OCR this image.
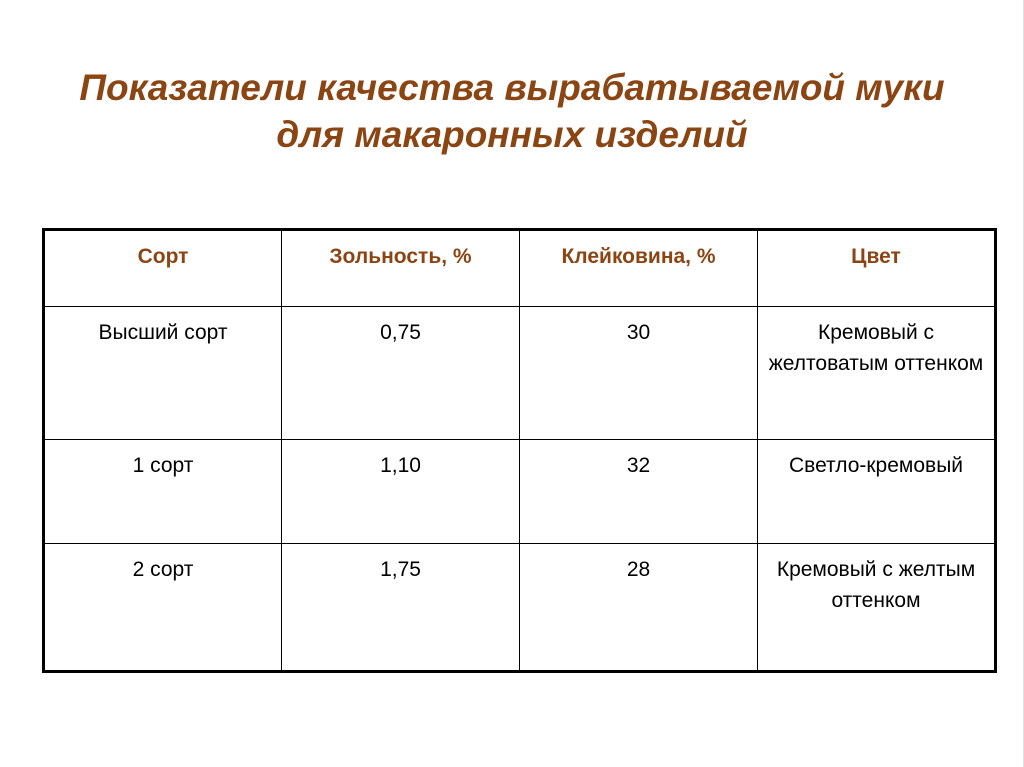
Показатели качества вырабатываемой муки
для макаронных изделий
Сорт	Зольность, %	Клейковина, %	Цвет
Высший сорт	0,75	30	Кремовый с желтоватым оттенком
1 сорт	1,10	32	Светло-кремовый
2 сорт	1,75	28	Кремовый с желтым оттенком
